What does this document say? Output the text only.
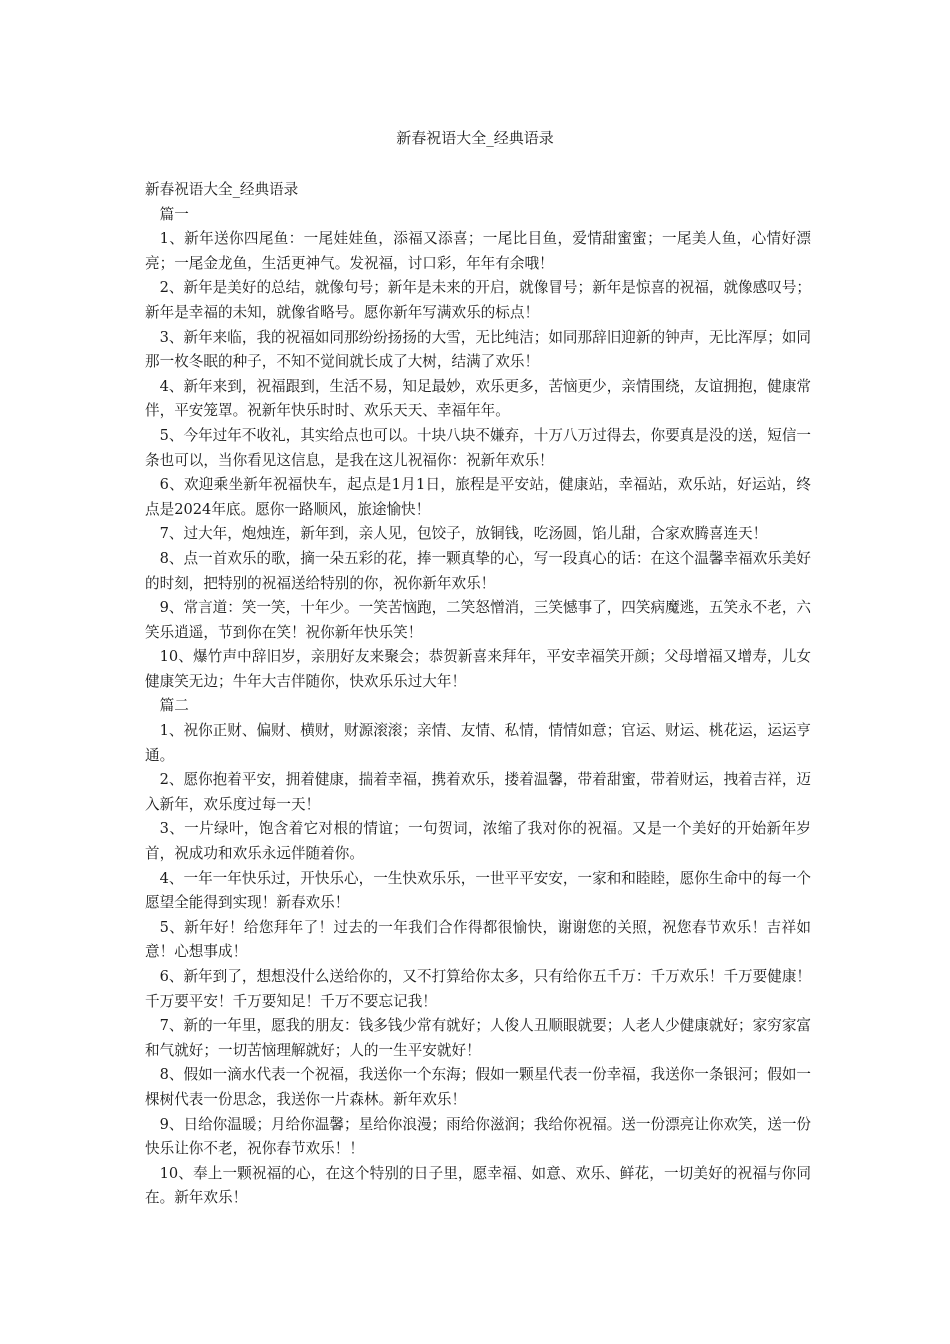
新春祝语大全_经典语录

新春祝语大全_经典语录

篇一

1、新年送你四尾鱼：一尾娃娃鱼，添福又添喜；一尾比目鱼，爱情甜蜜蜜；一尾美人鱼，心情好漂亮；一尾金龙鱼，生活更神气。发祝福，讨口彩，年年有余哦！

2、新年是美好的总结，就像句号；新年是未来的开启，就像冒号；新年是惊喜的祝福，就像感叹号；新年是幸福的未知，就像省略号。愿你新年写满欢乐的标点！

3、新年来临，我的祝福如同那纷纷扬扬的大雪，无比纯洁；如同那辞旧迎新的钟声，无比浑厚；如同那一枚冬眠的种子，不知不觉间就长成了大树，结满了欢乐！

4、新年来到，祝福跟到，生活不易，知足最妙，欢乐更多，苦恼更少，亲情围绕，友谊拥抱，健康常伴，平安笼罩。祝新年快乐时时、欢乐天天、幸福年年。

5、今年过年不收礼，其实给点也可以。十块八块不嫌弃，十万八万过得去，你要真是没的送，短信一条也可以，当你看见这信息，是我在这儿祝福你：祝新年欢乐！

6、欢迎乘坐新年祝福快车，起点是1月1日，旅程是平安站，健康站，幸福站，欢乐站，好运站，终点是2024年底。愿你一路顺风，旅途愉快！

7、过大年，炮烛连，新年到，亲人见，包饺子，放铜钱，吃汤圆，馅儿甜，合家欢腾喜连天！

8、点一首欢乐的歌，摘一朵五彩的花，捧一颗真挚的心，写一段真心的话：在这个温馨幸福欢乐美好的时刻，把特别的祝福送给特别的你，祝你新年欢乐！

9、常言道：笑一笑，十年少。一笑苦恼跑，二笑怒憎消，三笑憾事了，四笑病魔逃，五笑永不老，六笑乐逍遥，节到你在笑！祝你新年快乐笑！

10、爆竹声中辞旧岁，亲朋好友来聚会；恭贺新喜来拜年，平安幸福笑开颜；父母增福又增寿，儿女健康笑无边；牛年大吉伴随你，快欢乐乐过大年！

篇二

1、祝你正财、偏财、横财，财源滚滚；亲情、友情、私情，情情如意；官运、财运、桃花运，运运亨通。

2、愿你抱着平安，拥着健康，揣着幸福，携着欢乐，搂着温馨，带着甜蜜，带着财运，拽着吉祥，迈入新年，欢乐度过每一天！

3、一片绿叶，饱含着它对根的情谊；一句贺词，浓缩了我对你的祝福。又是一个美好的开始新年岁首，祝成功和欢乐永远伴随着你。

4、一年一年快乐过，开快乐心，一生快欢乐乐，一世平平安安，一家和和睦睦，愿你生命中的每一个愿望全能得到实现！新春欢乐！

5、新年好！给您拜年了！过去的一年我们合作得都很愉快，谢谢您的关照，祝您春节欢乐！吉祥如意！心想事成！

6、新年到了，想想没什么送给你的，又不打算给你太多，只有给你五千万：千万欢乐！千万要健康！千万要平安！千万要知足！千万不要忘记我！

7、新的一年里，愿我的朋友：钱多钱少常有就好；人俊人丑顺眼就要；人老人少健康就好；家穷家富和气就好；一切苦恼理解就好；人的一生平安就好！

8、假如一滴水代表一个祝福，我送你一个东海；假如一颗星代表一份幸福，我送你一条银河；假如一棵树代表一份思念，我送你一片森林。新年欢乐！

9、日给你温暖；月给你温馨；星给你浪漫；雨给你滋润；我给你祝福。送一份漂亮让你欢笑，送一份快乐让你不老，祝你春节欢乐！！

10、奉上一颗祝福的心，在这个特别的日子里，愿幸福、如意、欢乐、鲜花，一切美好的祝福与你同在。新年欢乐！
